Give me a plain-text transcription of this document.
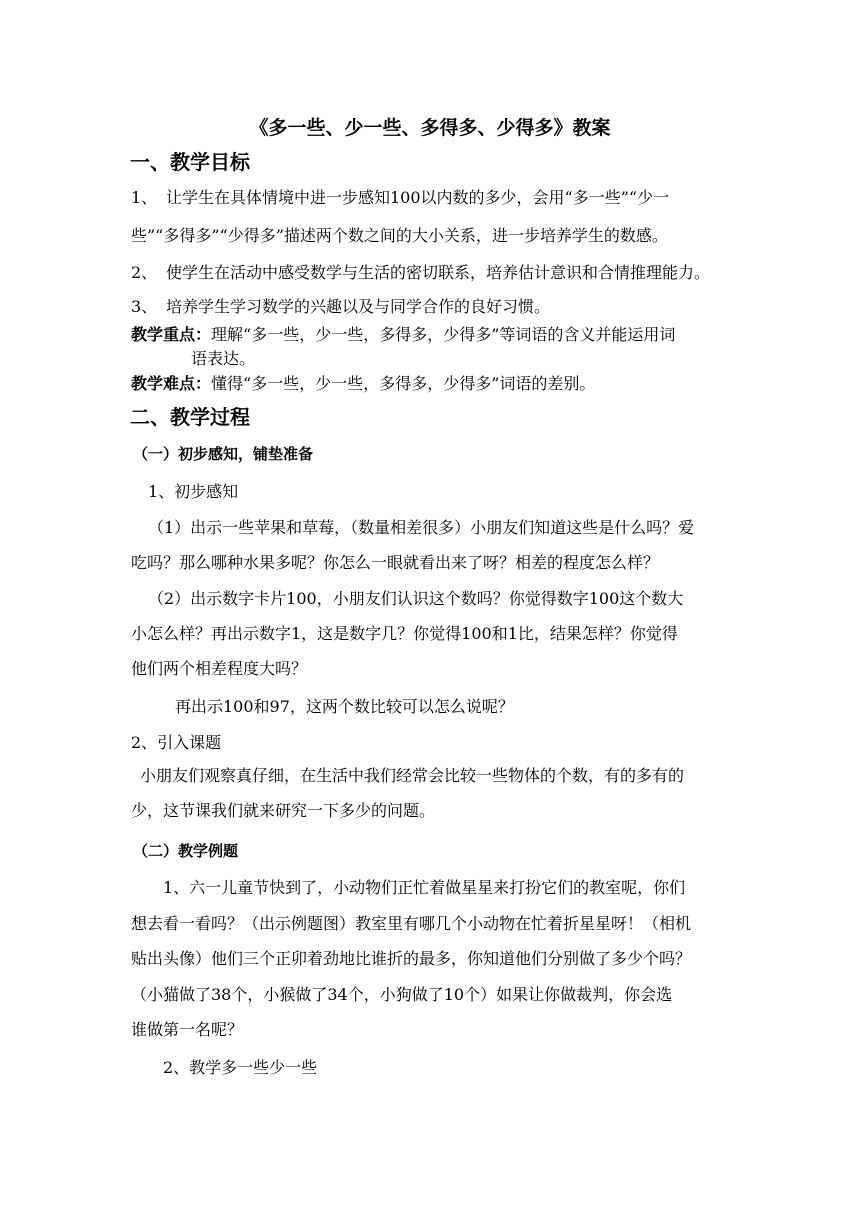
《多一些、少一些、多得多、少得多》教案
一、教学目标
1、 让学生在具体情境中进一步感知100以内数的多少，会用“多一些”“少一
些”“多得多”“少得多”描述两个数之间的大小关系，进一步培养学生的数感。
2、 使学生在活动中感受数学与生活的密切联系，培养估计意识和合情推理能力。
3、 培养学生学习数学的兴趣以及与同学合作的良好习惯。
教学重点：理解“多一些，少一些，多得多，少得多”等词语的含义并能运用词
语表达。
教学难点：懂得“多一些，少一些，多得多，少得多”词语的差别。
二、教学过程
（一）初步感知，铺垫准备
1、初步感知
（1）出示一些苹果和草莓，（数量相差很多）小朋友们知道这些是什么吗？爱
吃吗？那么哪种水果多呢？你怎么一眼就看出来了呀？相差的程度怎么样？
（2）出示数字卡片100，小朋友们认识这个数吗？你觉得数字100这个数大
小怎么样？再出示数字1，这是数字几？你觉得100和1比，结果怎样？你觉得
他们两个相差程度大吗？
再出示100和97，这两个数比较可以怎么说呢？
2、引入课题
小朋友们观察真仔细，在生活中我们经常会比较一些物体的个数，有的多有的
少，这节课我们就来研究一下多少的问题。
（二）教学例题
1、六一儿童节快到了，小动物们正忙着做星星来打扮它们的教室呢，你们
想去看一看吗？（出示例题图）教室里有哪几个小动物在忙着折星星呀！（相机
贴出头像）他们三个正卯着劲地比谁折的最多，你知道他们分别做了多少个吗？
（小猫做了38个，小猴做了34个，小狗做了10个）如果让你做裁判，你会选
谁做第一名呢？
2、教学多一些少一些
